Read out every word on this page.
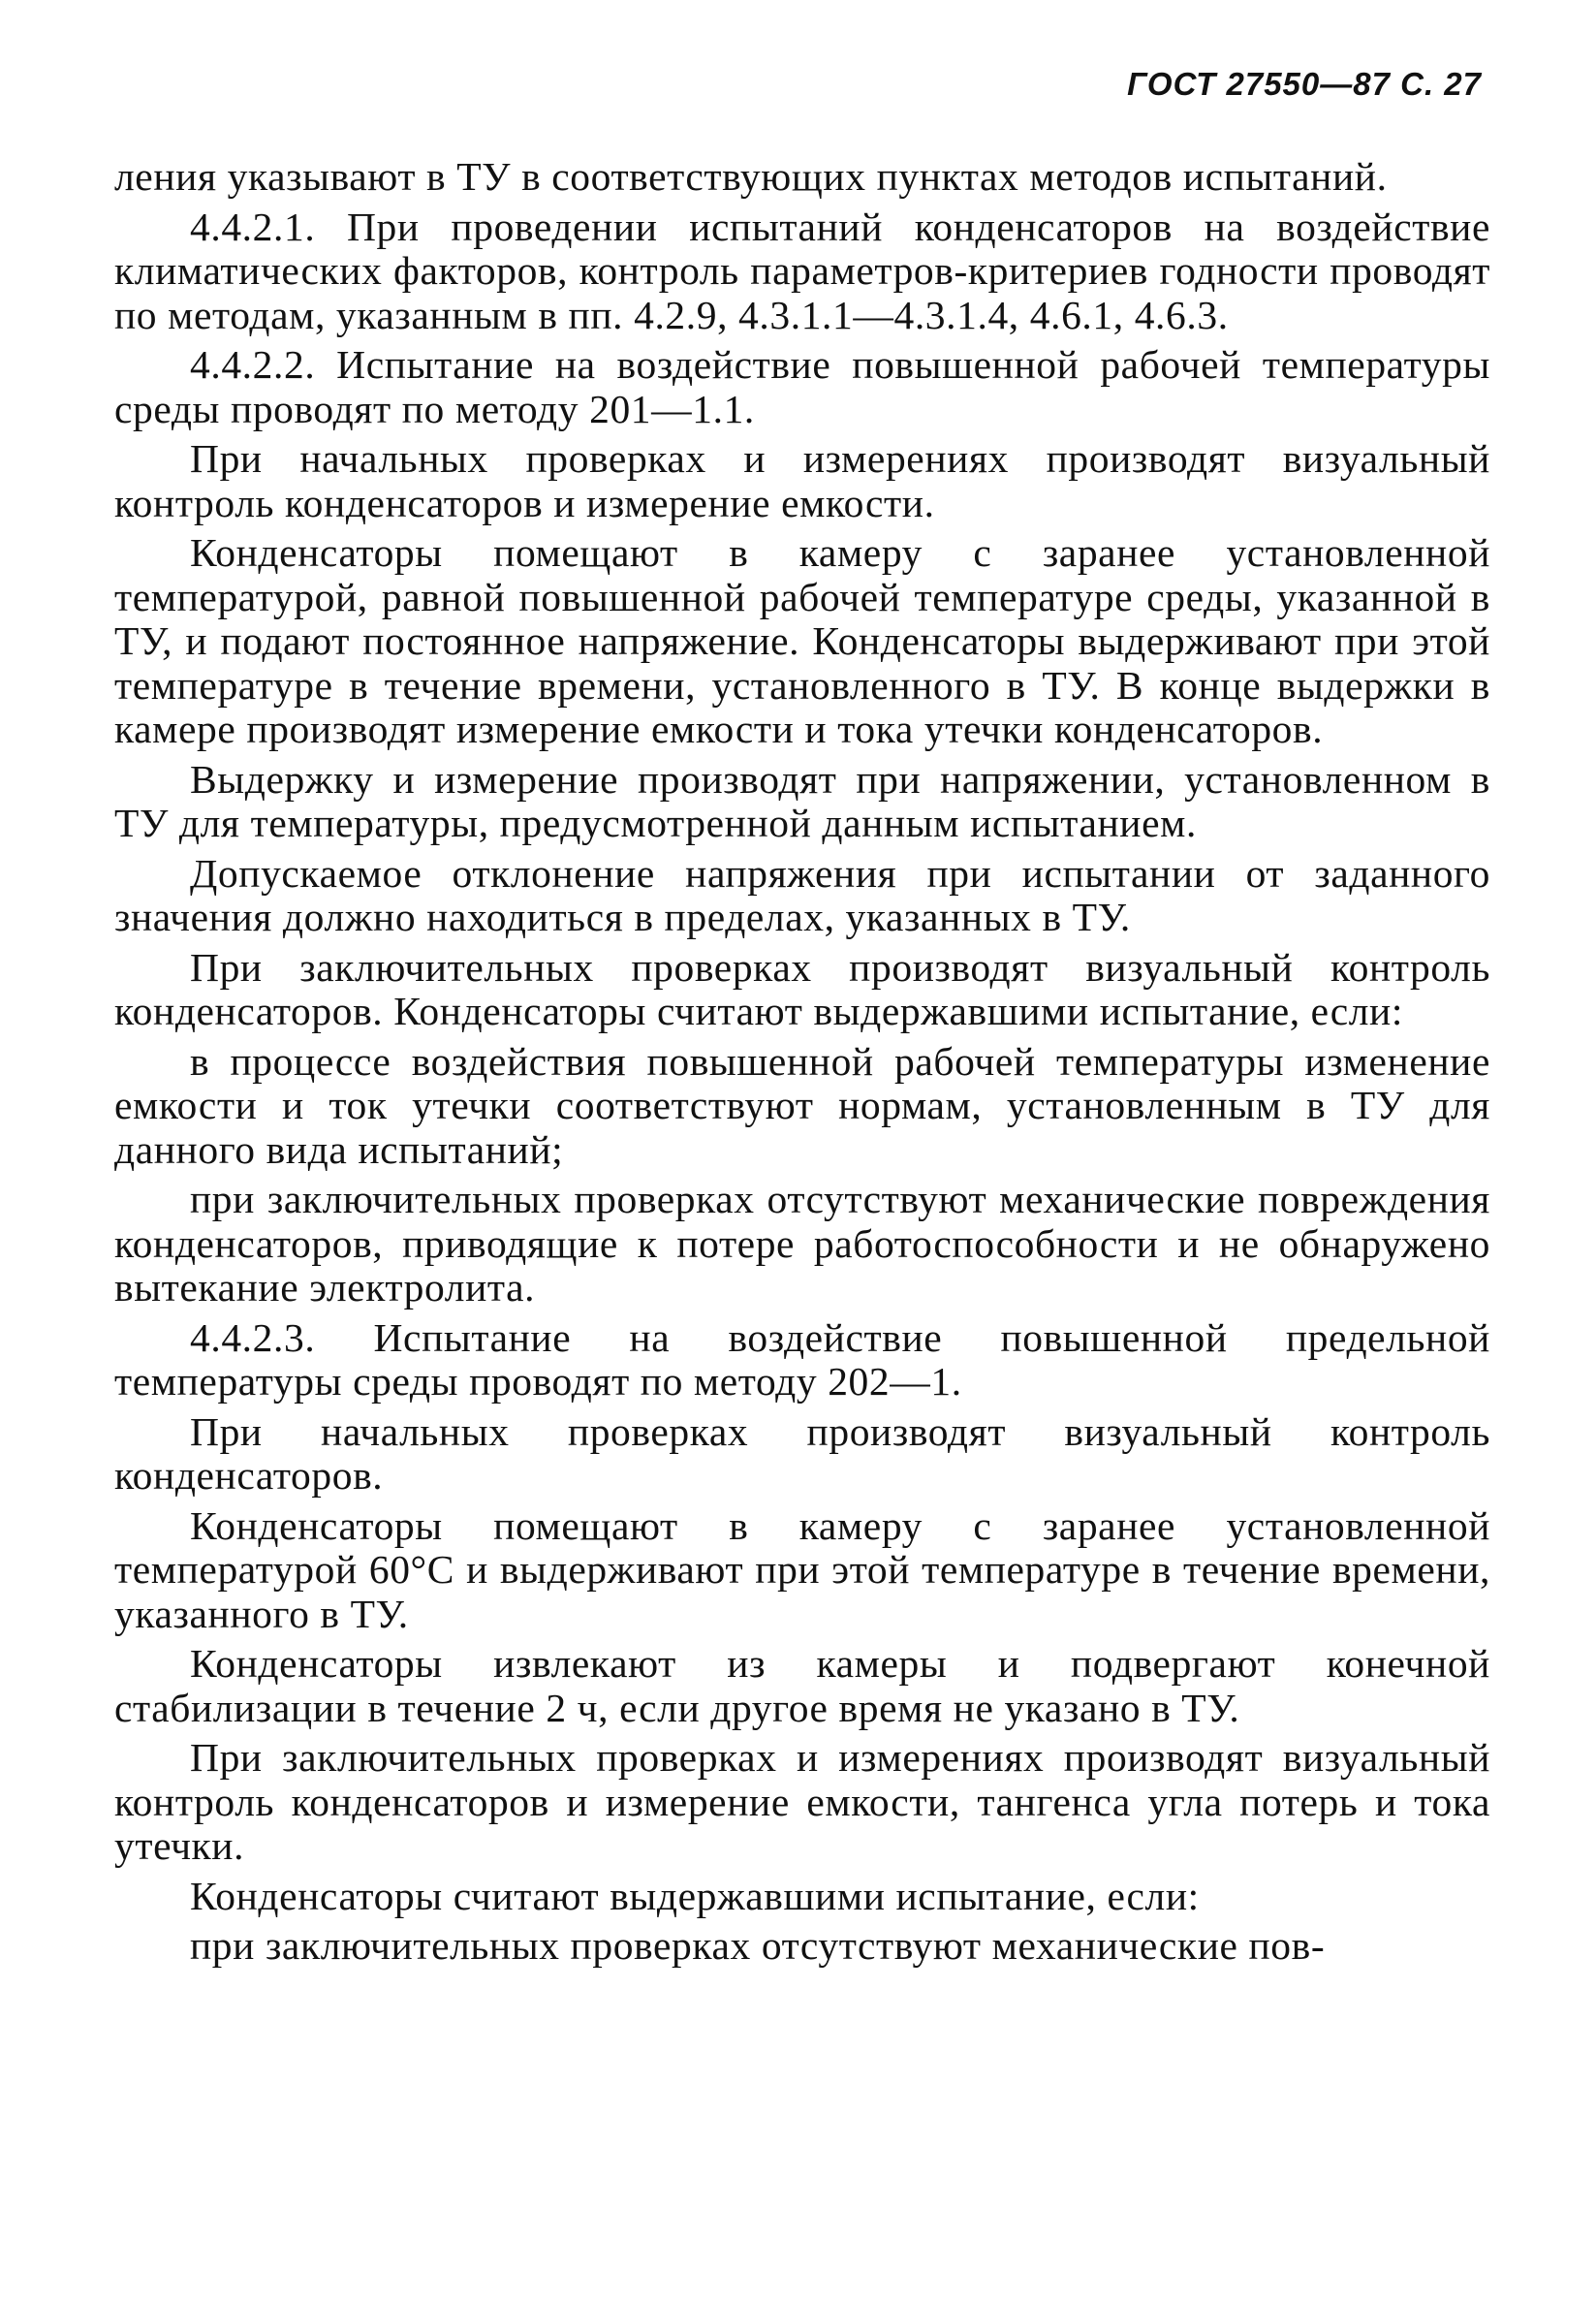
ГОСТ 27550—87 С. 27

ления указывают в ТУ в соответствующих пунктах методов испытаний.

4.4.2.1. При проведении испытаний конденсаторов на воздействие климатических факторов, контроль параметров-критериев годности проводят по методам, указанным в пп. 4.2.9, 4.3.1.1—4.3.1.4, 4.6.1, 4.6.3.

4.4.2.2. Испытание на воздействие повышенной рабочей температуры среды проводят по методу 201—1.1.

При начальных проверках и измерениях производят визуальный контроль конденсаторов и измерение емкости.

Конденсаторы помещают в камеру с заранее установленной температурой, равной повышенной рабочей температуре среды, указанной в ТУ, и подают постоянное напряжение. Конденсаторы выдерживают при этой температуре в течение времени, установленного в ТУ. В конце выдержки в камере производят измерение емкости и тока утечки конденсаторов.

Выдержку и измерение производят при напряжении, установленном в ТУ для температуры, предусмотренной данным испытанием.

Допускаемое отклонение напряжения при испытании от заданного значения должно находиться в пределах, указанных в ТУ.

При заключительных проверках производят визуальный контроль конденсаторов. Конденсаторы считают выдержавшими испытание, если:

в процессе воздействия повышенной рабочей температуры изменение емкости и ток утечки соответствуют нормам, установленным в ТУ для данного вида испытаний;

при заключительных проверках отсутствуют механические повреждения конденсаторов, приводящие к потере работоспособности и не обнаружено вытекание электролита.

4.4.2.3. Испытание на воздействие повышенной предельной температуры среды проводят по методу 202—1.

При начальных проверках производят визуальный контроль конденсаторов.

Конденсаторы помещают в камеру с заранее установленной температурой 60°С и выдерживают при этой температуре в течение времени, указанного в ТУ.

Конденсаторы извлекают из камеры и подвергают конечной стабилизации в течение 2 ч, если другое время не указано в ТУ.

При заключительных проверках и измерениях производят визуальный контроль конденсаторов и измерение емкости, тангенса угла потерь и тока утечки.

Конденсаторы считают выдержавшими испытание, если:

при заключительных проверках отсутствуют механические пов-
